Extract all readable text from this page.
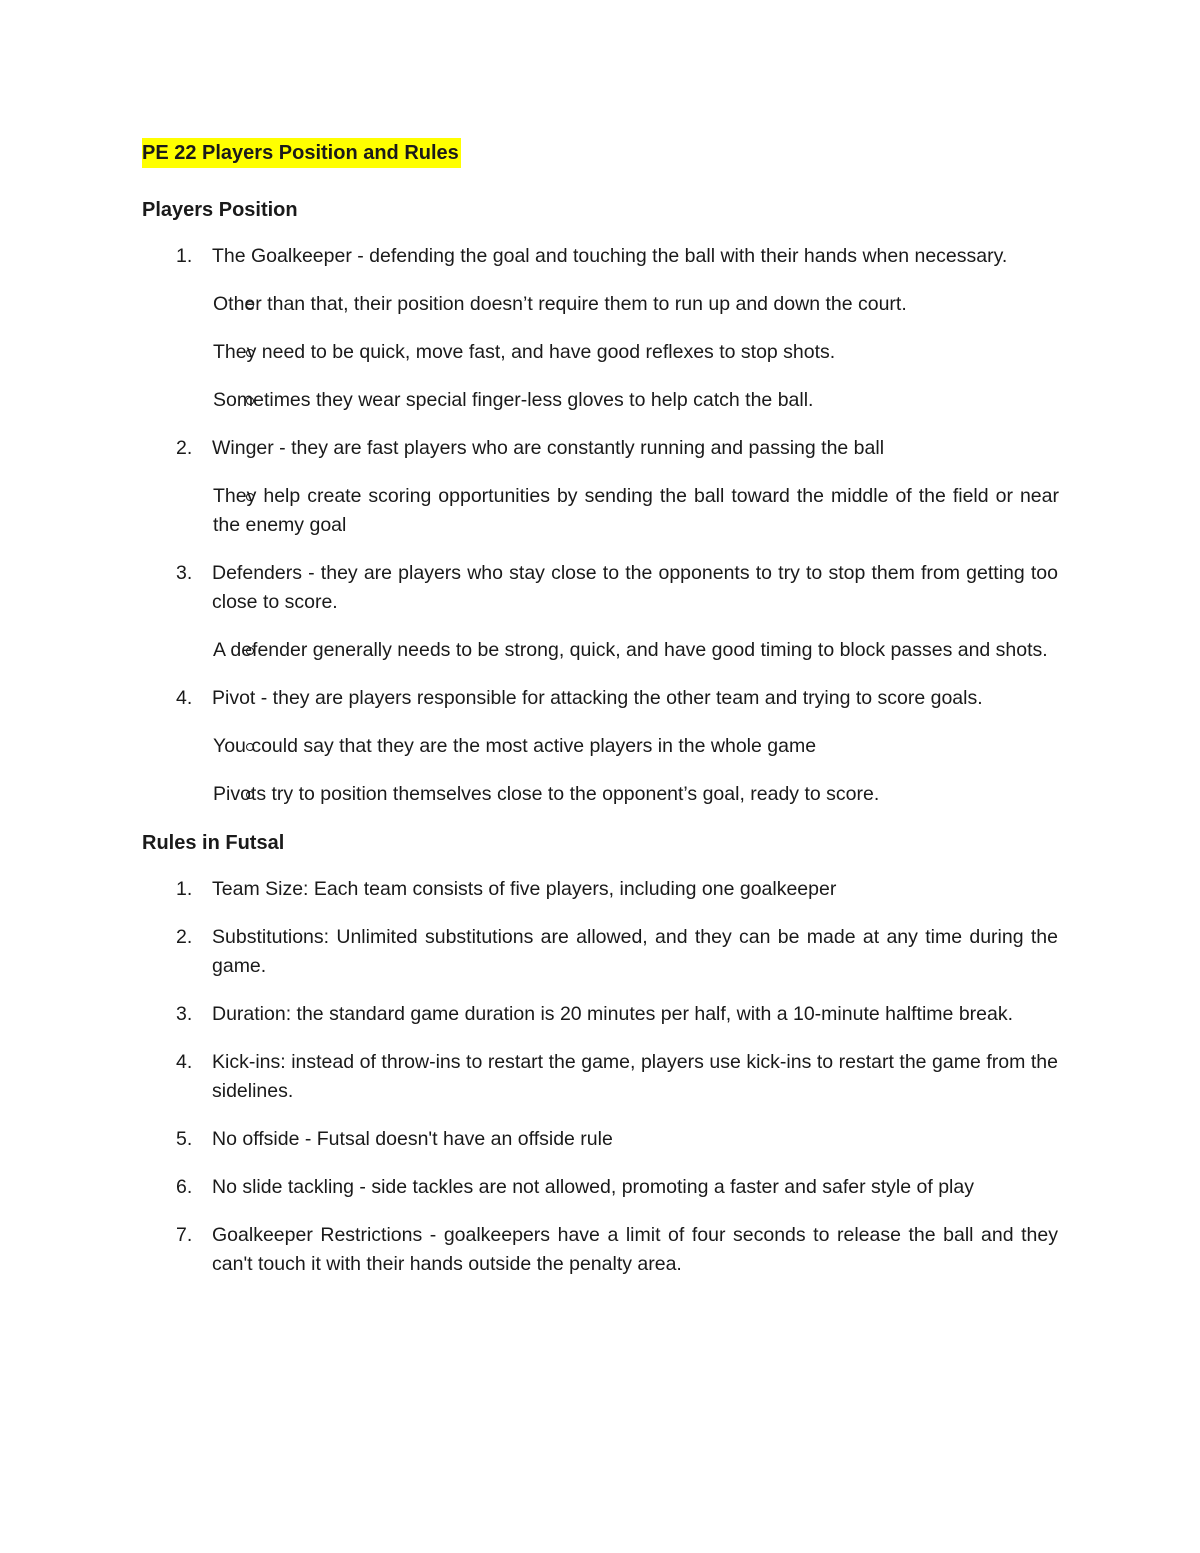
PE 22 Players Position and Rules
Players Position
1. The Goalkeeper - defending the goal and touching the ball with their hands when necessary.
Other than that, their position doesn’t require them to run up and down the court.
They need to be quick, move fast, and have good reflexes to stop shots.
Sometimes they wear special finger-less gloves to help catch the ball.
2. Winger - they are fast players who are constantly running and passing the ball
They help create scoring opportunities by sending the ball toward the middle of the field or near the enemy goal
3. Defenders - they are players who stay close to the opponents to try to stop them from getting too close to score.
A defender generally needs to be strong, quick, and have good timing to block passes and shots.
4. Pivot - they are players responsible for attacking the other team and trying to score goals.
You could say that they are the most active players in the whole game
Pivots try to position themselves close to the opponent’s goal, ready to score.
Rules in Futsal
1. Team Size: Each team consists of five players, including one goalkeeper
2. Substitutions: Unlimited substitutions are allowed, and they can be made at any time during the game.
3. Duration: the standard game duration is 20 minutes per half, with a 10-minute halftime break.
4. Kick-ins: instead of throw-ins to restart the game, players use kick-ins to restart the game from the sidelines.
5. No offside - Futsal doesn't have an offside rule
6. No slide tackling - side tackles are not allowed, promoting a faster and safer style of play
7. Goalkeeper Restrictions - goalkeepers have a limit of four seconds to release the ball and they can't touch it with their hands outside the penalty area.
